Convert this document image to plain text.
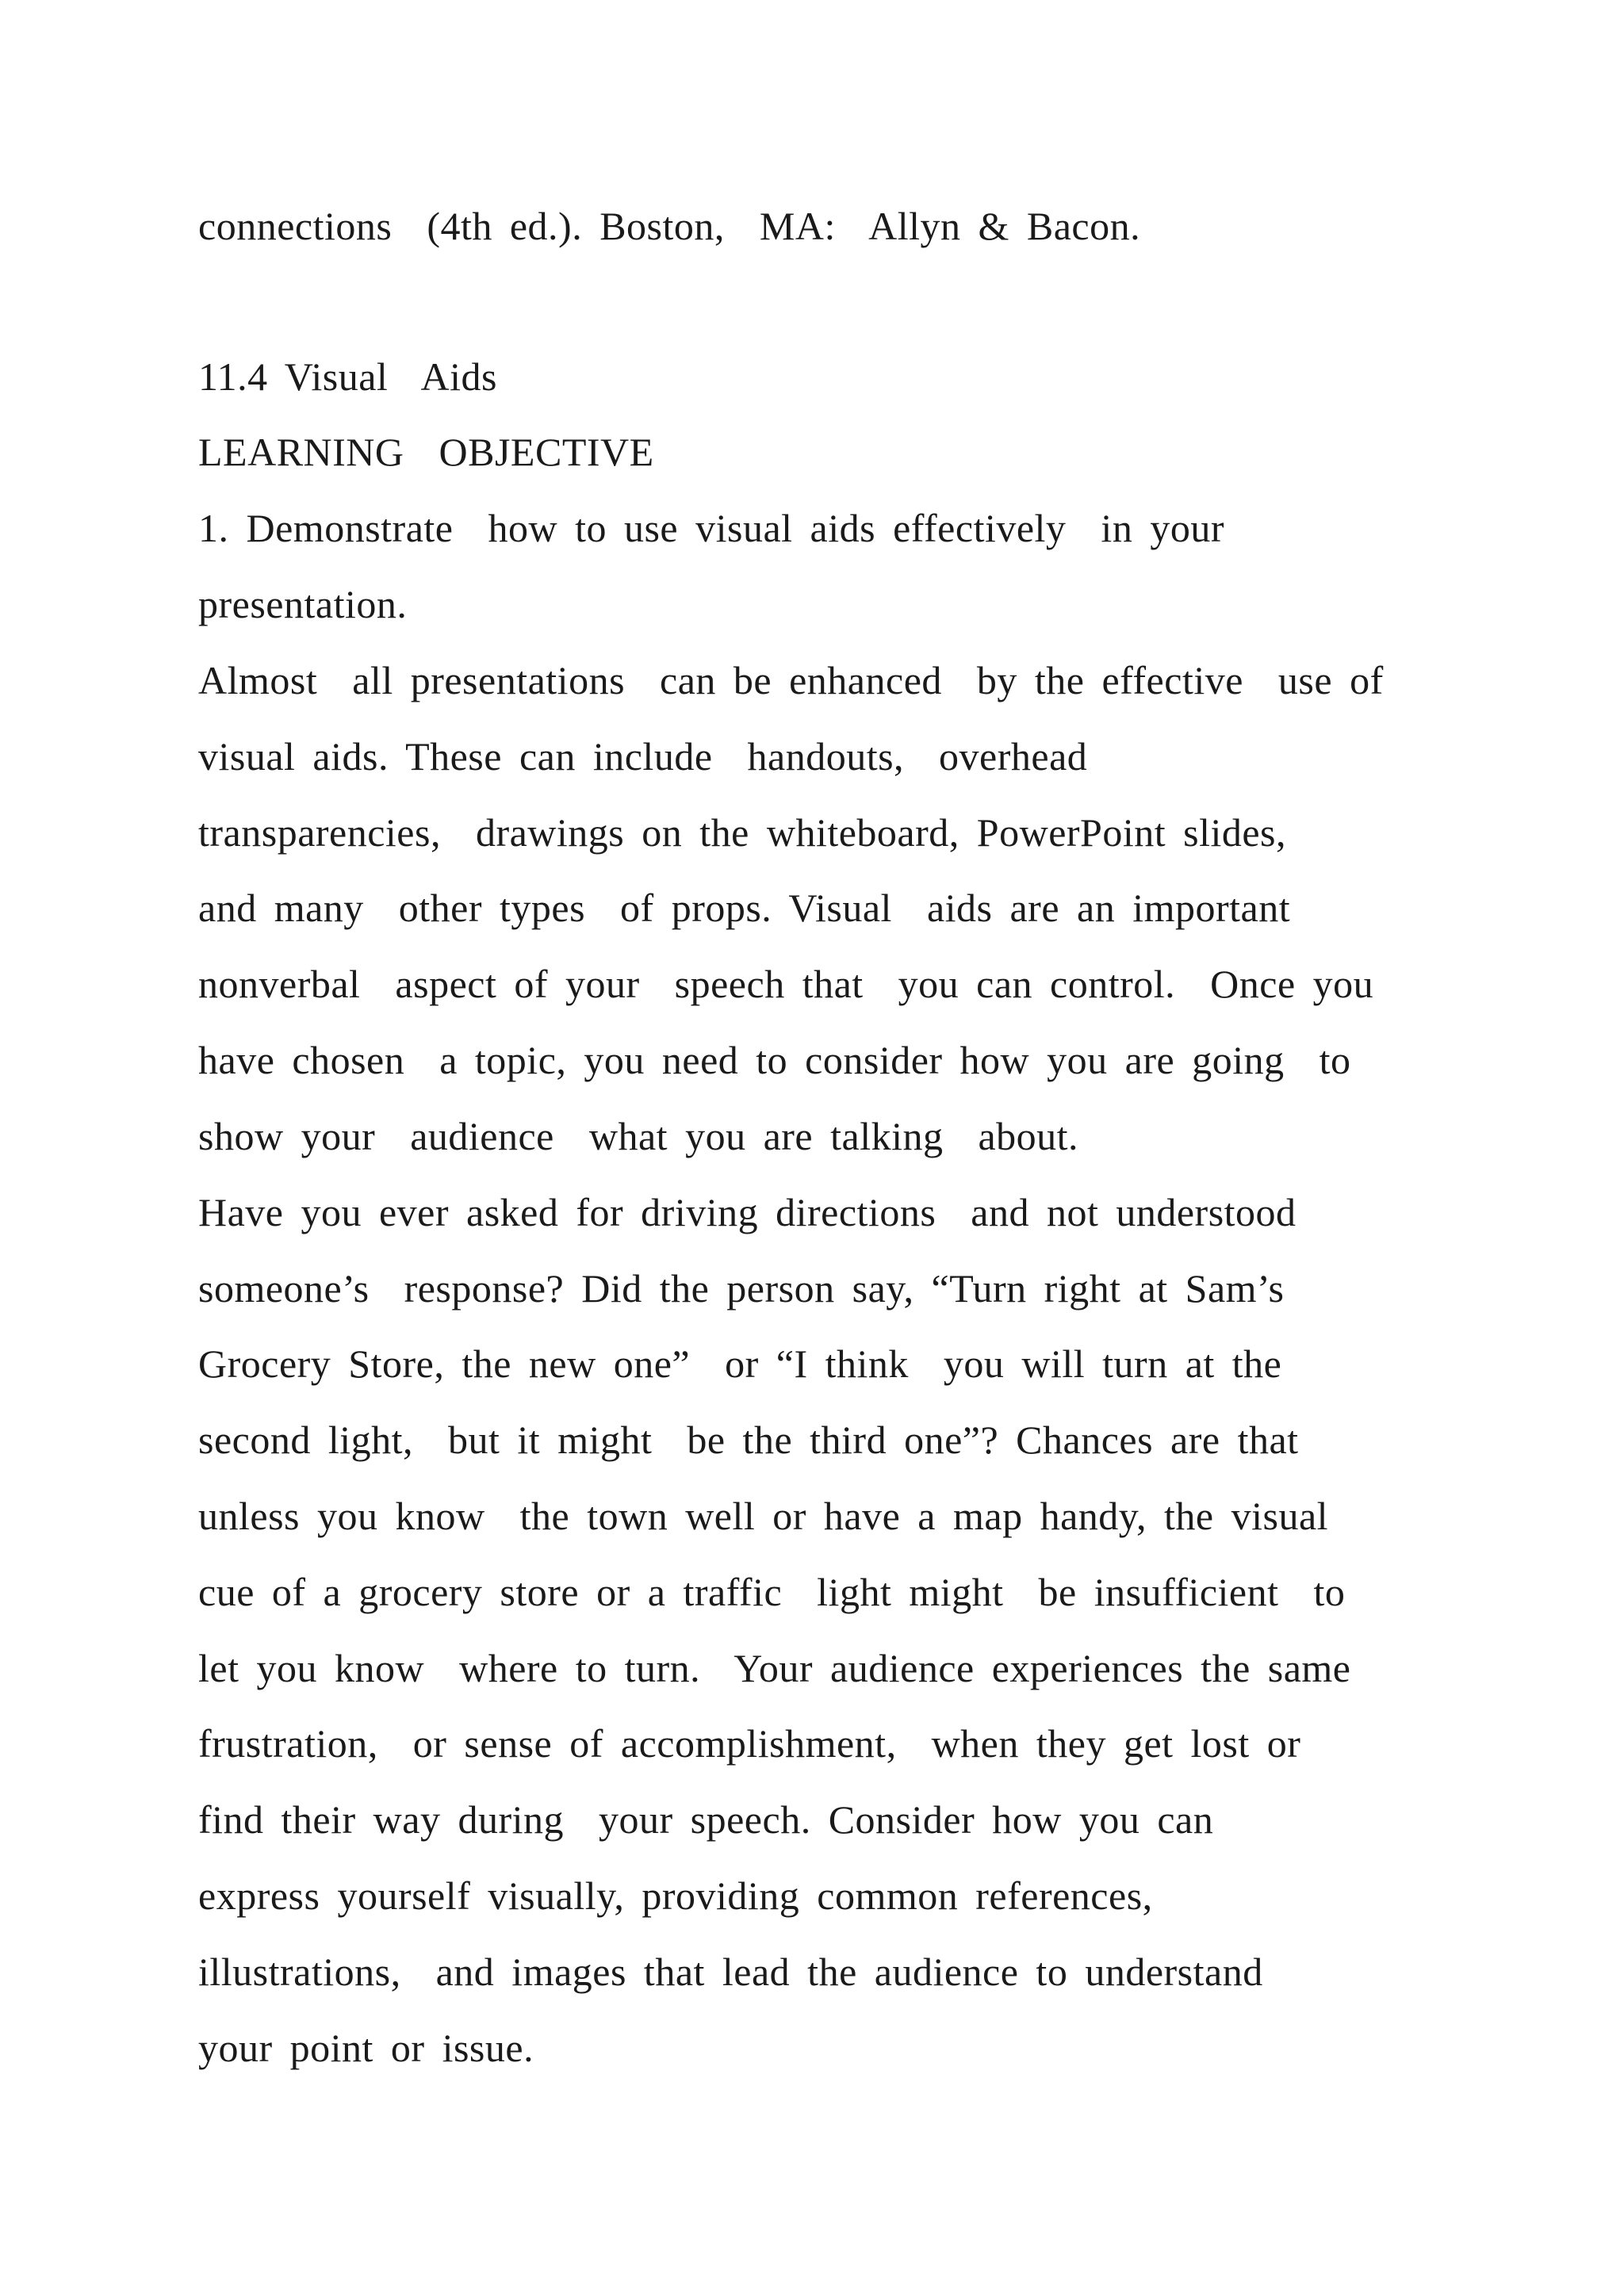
connections  (4th ed.). Boston,  MA:  Allyn & Bacon.
11.4 Visual  Aids
LEARNING  OBJECTIVE
1. Demonstrate  how to use visual aids effectively  in your
presentation.
Almost  all presentations  can be enhanced  by the effective  use of
visual aids. These can include  handouts,  overhead
transparencies,  drawings on the whiteboard, PowerPoint slides,
and many  other types  of props. Visual  aids are an important
nonverbal  aspect of your  speech that  you can control.  Once you
have chosen  a topic, you need to consider how you are going  to
show your  audience  what you are talking  about.
Have you ever asked for driving directions  and not understood
someone’s  response? Did the person say, “Turn right at Sam’s
Grocery Store, the new one”  or “I think  you will turn at the
second light,  but it might  be the third one”? Chances are that
unless you know  the town well or have a map handy, the visual
cue of a grocery store or a traffic  light might  be insufficient  to
let you know  where to turn.  Your audience experiences the same
frustration,  or sense of accomplishment,  when they get lost or
find their way during  your speech. Consider how you can
express yourself visually, providing common references,
illustrations,  and images that lead the audience to understand
your point or issue.
